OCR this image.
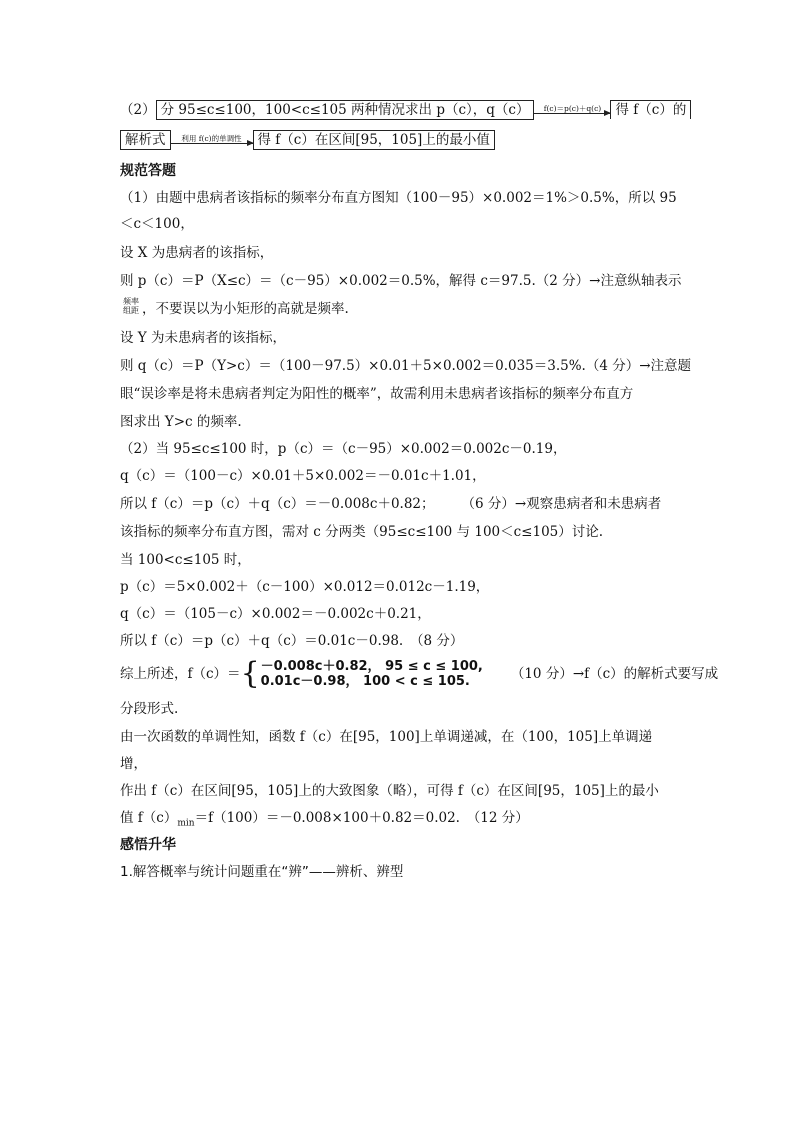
（2） 分 95≤c≤100，100<c≤105 两种情况求出 p（c），q（c）	f(c)＝p(c)＋q(c)	得 f（c）的
解析式	利用 f(c)的单调性	得 f（c）在区间[95，105]上的最小值
规范答题
（1）由题中患病者该指标的频率分布直方图知（100－95）×0.002＝1%＞0.5%，所以 95
＜c＜100，
设 X 为患病者的该指标，
则 p（c）＝P（X≤c）＝（c－95）×0.002＝0.5%，解得 c＝97.5.（2 分）→注意纵轴表示
频率 组距 ，不要误以为小矩形的高就是频率.
设 Y 为未患病者的该指标，
则 q（c）＝P（Y>c）＝（100－97.5）×0.01＋5×0.002＝0.035＝3.5%.（4 分）→注意题
眼“误诊率是将未患病者判定为阳性的概率”，故需利用未患病者该指标的频率分布直方
图求出 Y>c 的频率.
（2）当 95≤c≤100 时，p（c）＝（c－95）×0.002＝0.002c－0.19，
q（c）＝（100－c）×0.01＋5×0.002＝－0.01c＋1.01，
所以 f（c）＝p（c）＋q（c）＝－0.008c＋0.82；　　　（6 分）→观察患病者和未患病者
该指标的频率分布直方图，需对 c 分两类（95≤c≤100 与 100＜c≤105）讨论.
当 100<c≤105 时，
p（c）＝5×0.002＋（c－100）×0.012＝0.012c－1.19，
q（c）＝（105－c）×0.002＝－0.002c＋0.21，
所以 f（c）＝p（c）＋q（c）＝0.01c－0.98.　（8 分）
综上所述，f（c）＝{ －0.008c＋0.82， 95 ≤ c ≤ 100,
0.01c－0.98， 100 < c ≤ 105.	（10 分）→f（c）的解析式要写成
分段形式.
由一次函数的单调性知，函数 f（c）在[95，100]上单调递减，在（100，105]上单调递
增，
作出 f（c）在区间[95，105]上的大致图象（略），可得 f（c）在区间[95，105]上的最小
值 $f(c)_{min}=f(100)=-0.008\times 100+0.82=0.02$.　（12 分）
感悟升华
1.解答概率与统计问题重在“辨”——辨析、辨型
